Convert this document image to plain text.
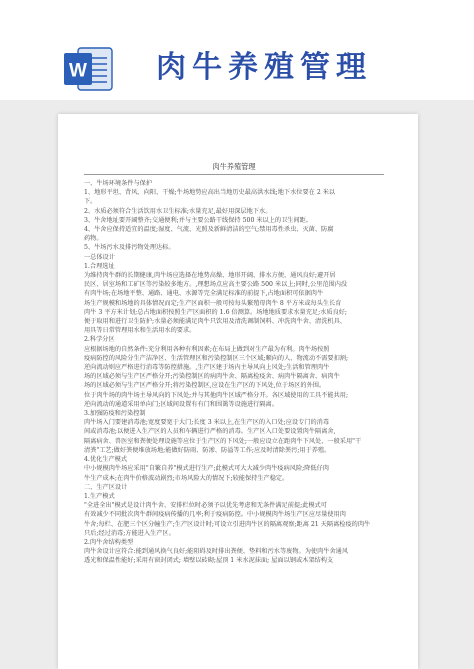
W 肉牛养殖管理
肉牛养殖管理
一、牛场环境条件与保护
1、地形平坦、背风、向阳、干燥;牛场地势应高出当地历史最高洪水线;地下水位要在 2 米以
下。
2、水质必须符合生活饮用水卫生标准;水量充足,最好用深层地下水。
3、牛舍地址要开阔整齐;交通便利;并与主要公路干线保持 500 米以上的卫生间距。
4、牛舍应保持适宜的温度;湿度、气流、光照及新鲜清洁的空气;禁用毒性杀虫、灭菌、防腐
药物。
5、牛场污水及排污物处理达标。
一总体设计
1.合理选址
为维持肉牛群的长期健康,肉牛场应选择在地势高燥、地形开阔、排水方便、通风良好;避开居
民区、居室场和工矿区等污染较多地方。,理想场点应高主要公路 500 米以上;同时,公里范围内没
有肉牛场;在场地平整、通路、通电、水源等完全满足标准的前提下,占地面积可依据肉牛
场生产规模和场地的具体情况而定;生产区面积一般可按每头繁殖母肉牛 8 平方米或每头生长育
肉牛 3 平方米计划;总占地面积按照生产区面积的 1.6 倍测算。场地地质要求水量充足;水质良好;
便于取用和进行卫生防护;水量必须能满足肉牛只饮用及清洗调制饲料、冲洗肉牛舍、清洗机具、
用具等日常管理用水和生活用水的要求。
2.科学分区
应根据场地的自然条件:充分利用各种有利因素;在布局上做到对生产最为有利。肉牛场按照
疫病防控的风险分生产洁净区、生活管理区和污染控制区三个区域;顺向的人、物流动不需要扣割;
逆向流动则应严格进行消毒等防控措施。,生产区建于场内主导风向上风处;生活和管理肉牛
场的区域必须与生产区严格分开;污染控制区的病肉牛舍、隔离检疫舍、病肉牛隔离舍、病肉牛
场的区域必须与生产区严格分开;将污染控制区,应设在生产区的下风处,位于场区的外围。
位于肉牛场的肉牛场主导风向的下风处;并与其他肉牛区域严格分开。各区域使用的工具不能共用;
逆向流动的通道采用单向门;区域间设置有有门和围篱等设施进行隔离。
3.加强防疫和污染控制
肉牛场入门要建消毒池;宽度要宽于大门;长度 3 米以上,在生产区的入口处;应设专门的消毒
间或消毒池;以便进入生产区的人员和车辆进行严格的消毒。生产区入口处要设置肉牛隔离舍,
隔离病舍、兽医室和粪便处理设施等应位于生产区的下风处;一般应设立在距肉牛下风处、一般采用"干
清粪"工艺;做好粪便堆放场地;能做好防雨、防渗、防溢等工作;应及时清除粪污;用于养殖。
4.优化生产模式
中小规模肉牛场应采用"自繁自养"模式进行生产;此模式可大大减少肉牛疫病风险;降低仔肉
牛生产成本;在肉牛价格波动剧烈;市场风险大的情况下;较能保持生产稳定。
二、生产区设计
1.生产模式
"全进全出"模式是设计肉牛舍、安排栏位时必须予以优先考虑和无条件满足前提;此模式可
有效减少不同批次肉牛群间疫病传播的几率;利于疫病防控。中小规模肉牛场生产区应尽量使用肉
牛舍;每栏、在肥三个区分幢生产;生产区设计时;可设立引进肉牛区的隔离观察;距离 21 天隔离检疫的肉牛
只后;经过消毒;方能进入生产区。
2.肉牛舍结构类型
肉牛舍设计应符合:能到通风换气良好;能阻碍及时排出粪便、垫料和污水等废物。为使肉牛舍通风
透光和保温性能好;采用有窗封闭式; 墙壁以砖砌;屋顶 1 米水泥抹面; 屋面以钢或木架结构支
